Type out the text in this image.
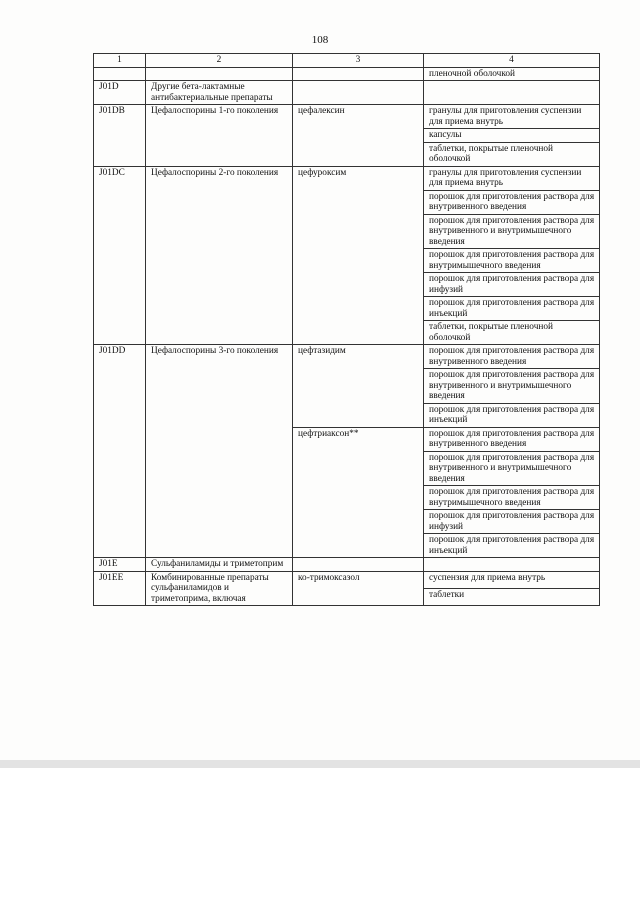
108
1	2	3	4
			пленочной оболочкой
J01D	Другие бета-лактамные антибактериальные препараты		
J01DB	Цефалоспорины 1-го поколения	цефалексин	гранулы для приготовления суспензии для приема внутрь
			капсулы
			таблетки, покрытые пленочной оболочкой
J01DC	Цефалоспорины 2-го поколения	цефуроксим	гранулы для приготовления суспензии для приема внутрь
			порошок для приготовления раствора для внутривенного введения
			порошок для приготовления раствора для внутривенного и внутримышечного введения
			порошок для приготовления раствора для внутримышечного введения
			порошок для приготовления раствора для инфузий
			порошок для приготовления раствора для инъекций
			таблетки, покрытые пленочной оболочкой
J01DD	Цефалоспорины 3-го поколения	цефтазидим	порошок для приготовления раствора для внутривенного введения
			порошок для приготовления раствора для внутривенного и внутримышечного введения
			порошок для приготовления раствора для инъекций
		цефтриаксон**	порошок для приготовления раствора для внутривенного введения
			порошок для приготовления раствора для внутривенного и внутримышечного введения
			порошок для приготовления раствора для внутримышечного введения
			порошок для приготовления раствора для инфузий
			порошок для приготовления раствора для инъекций
J01E	Сульфаниламиды и триметоприм		
J01EE	Комбинированные препараты сульфаниламидов и триметоприма, включая	ко-тримоксазол	суспензия для приема внутрь
			таблетки
